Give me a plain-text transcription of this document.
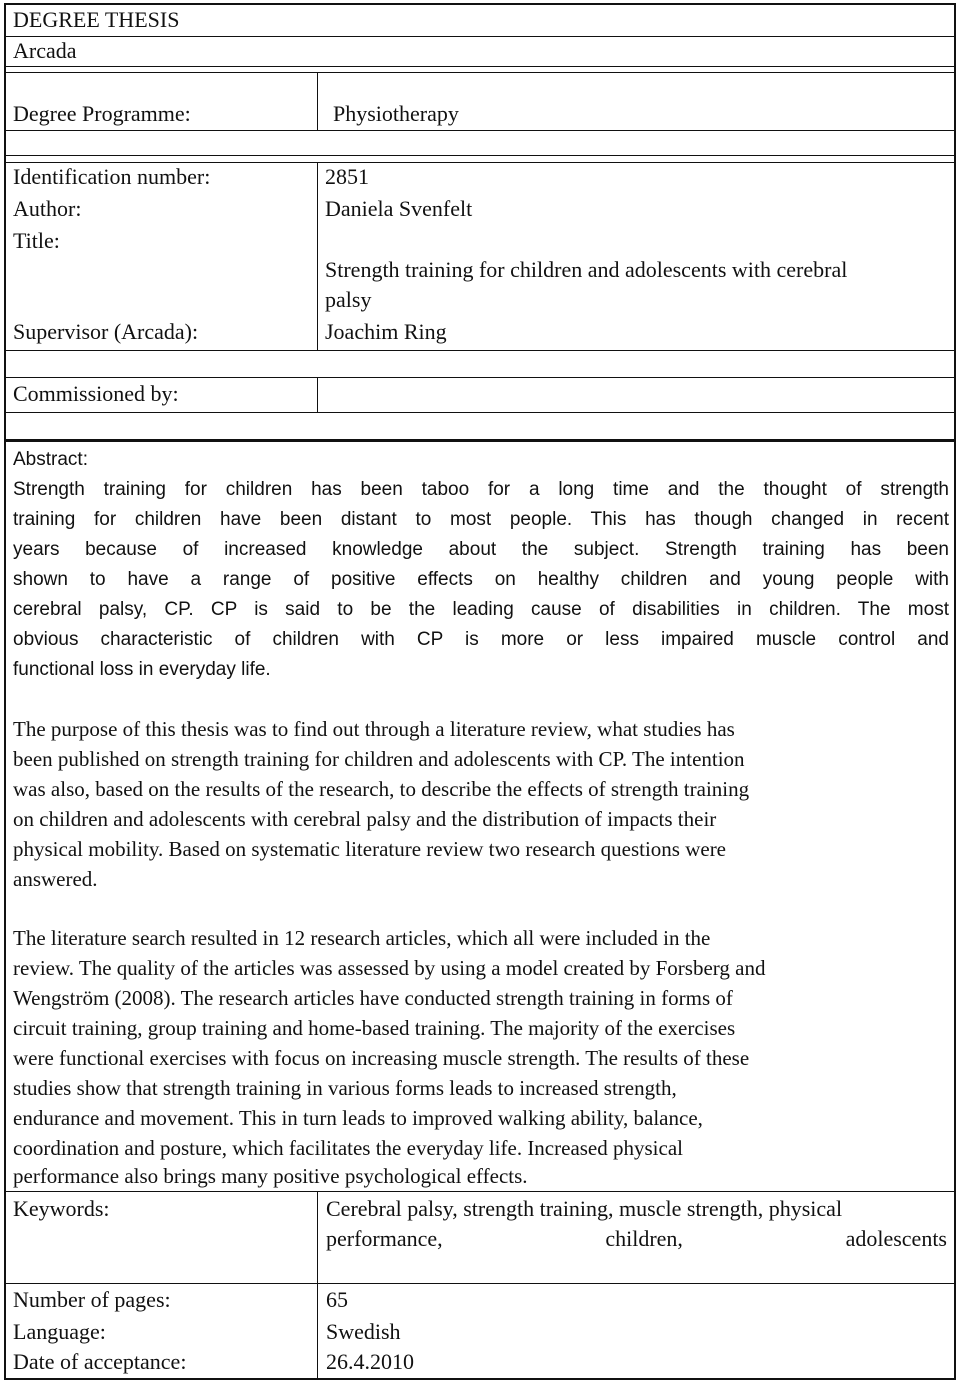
DEGREE THESIS
Arcada
Degree Programme:	Physiotherapy
Identification number:	2851
Author:	Daniela Svenfelt
Title:
Strength training for children and adolescents with cerebral
palsy
Supervisor (Arcada):	Joachim Ring
Commissioned by:
Abstract:
Strength training for children has been taboo for a long time and the thought of strength
training for children have been distant to most people. This has though changed in recent
years because of increased knowledge about the subject. Strength training has been
shown to have a range of positive effects on healthy children and young people with
cerebral palsy, CP. CP is said to be the leading cause of disabilities in children. The most
obvious characteristic of children with CP is more or less impaired muscle control and
functional loss in everyday life.
The purpose of this thesis was to find out through a literature review, what studies has
been published on strength training for children and adolescents with CP. The intention
was also, based on the results of the research, to describe the effects of strength training
on children and adolescents with cerebral palsy and the distribution of impacts their
physical mobility. Based on systematic literature review two research questions were
answered.
The literature search resulted in 12 research articles, which all were included in the
review. The quality of the articles was assessed by using a model created by Forsberg and
Wengström (2008). The research articles have conducted strength training in forms of
circuit training, group training and home-based training. The majority of the exercises
were functional exercises with focus on increasing muscle strength. The results of these
studies show that strength training in various forms leads to increased strength,
endurance and movement. This in turn leads to improved walking ability, balance,
coordination and posture, which facilitates the everyday life. Increased physical
performance also brings many positive psychological effects.
Keywords:	Cerebral palsy, strength training, muscle strength, physical
performance, children, adolescents
Number of pages:	65
Language:	Swedish
Date of acceptance:	26.4.2010
